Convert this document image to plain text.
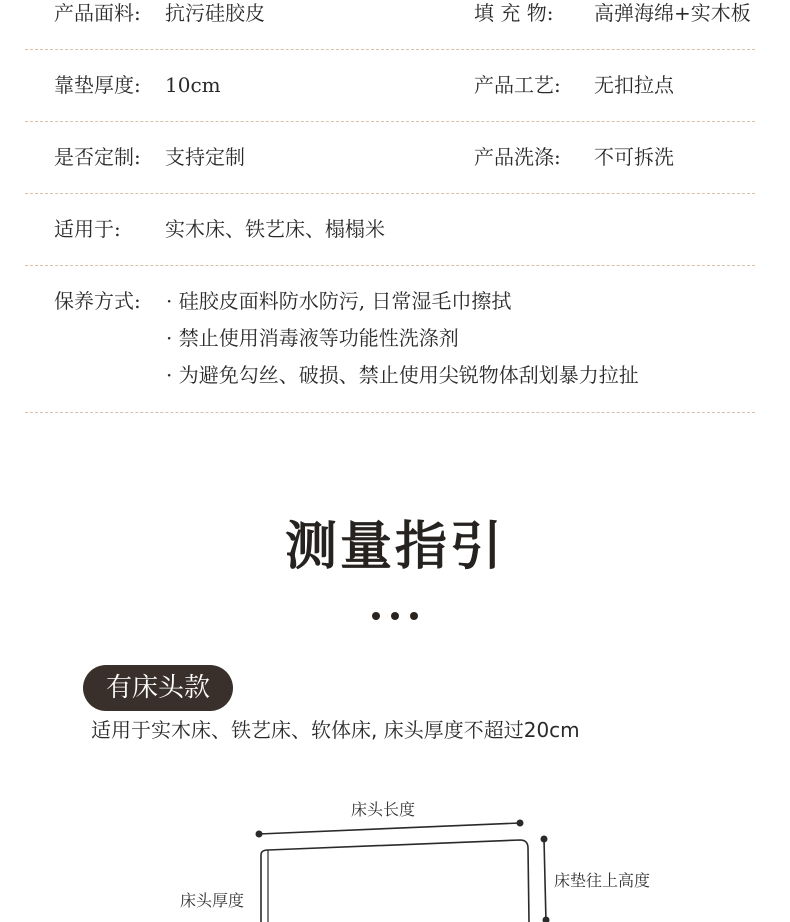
产品面料: 抗污硅胶皮	填 充 物: 高弹海绵+实木板
靠垫厚度: 10cm	产品工艺: 无扣拉点
是否定制: 支持定制	产品洗涤: 不可拆洗
适用于: 实木床、铁艺床、榻榻米
保养方式: · 硅胶皮面料防水防污, 日常湿毛巾擦拭
· 禁止使用消毒液等功能性洗涤剂
· 为避免勾丝、破损、禁止使用尖锐物体刮划暴力拉扯
测量指引
有床头款
适用于实木床、铁艺床、软体床, 床头厚度不超过20cm
床头长度
床头厚度
床垫往上高度
